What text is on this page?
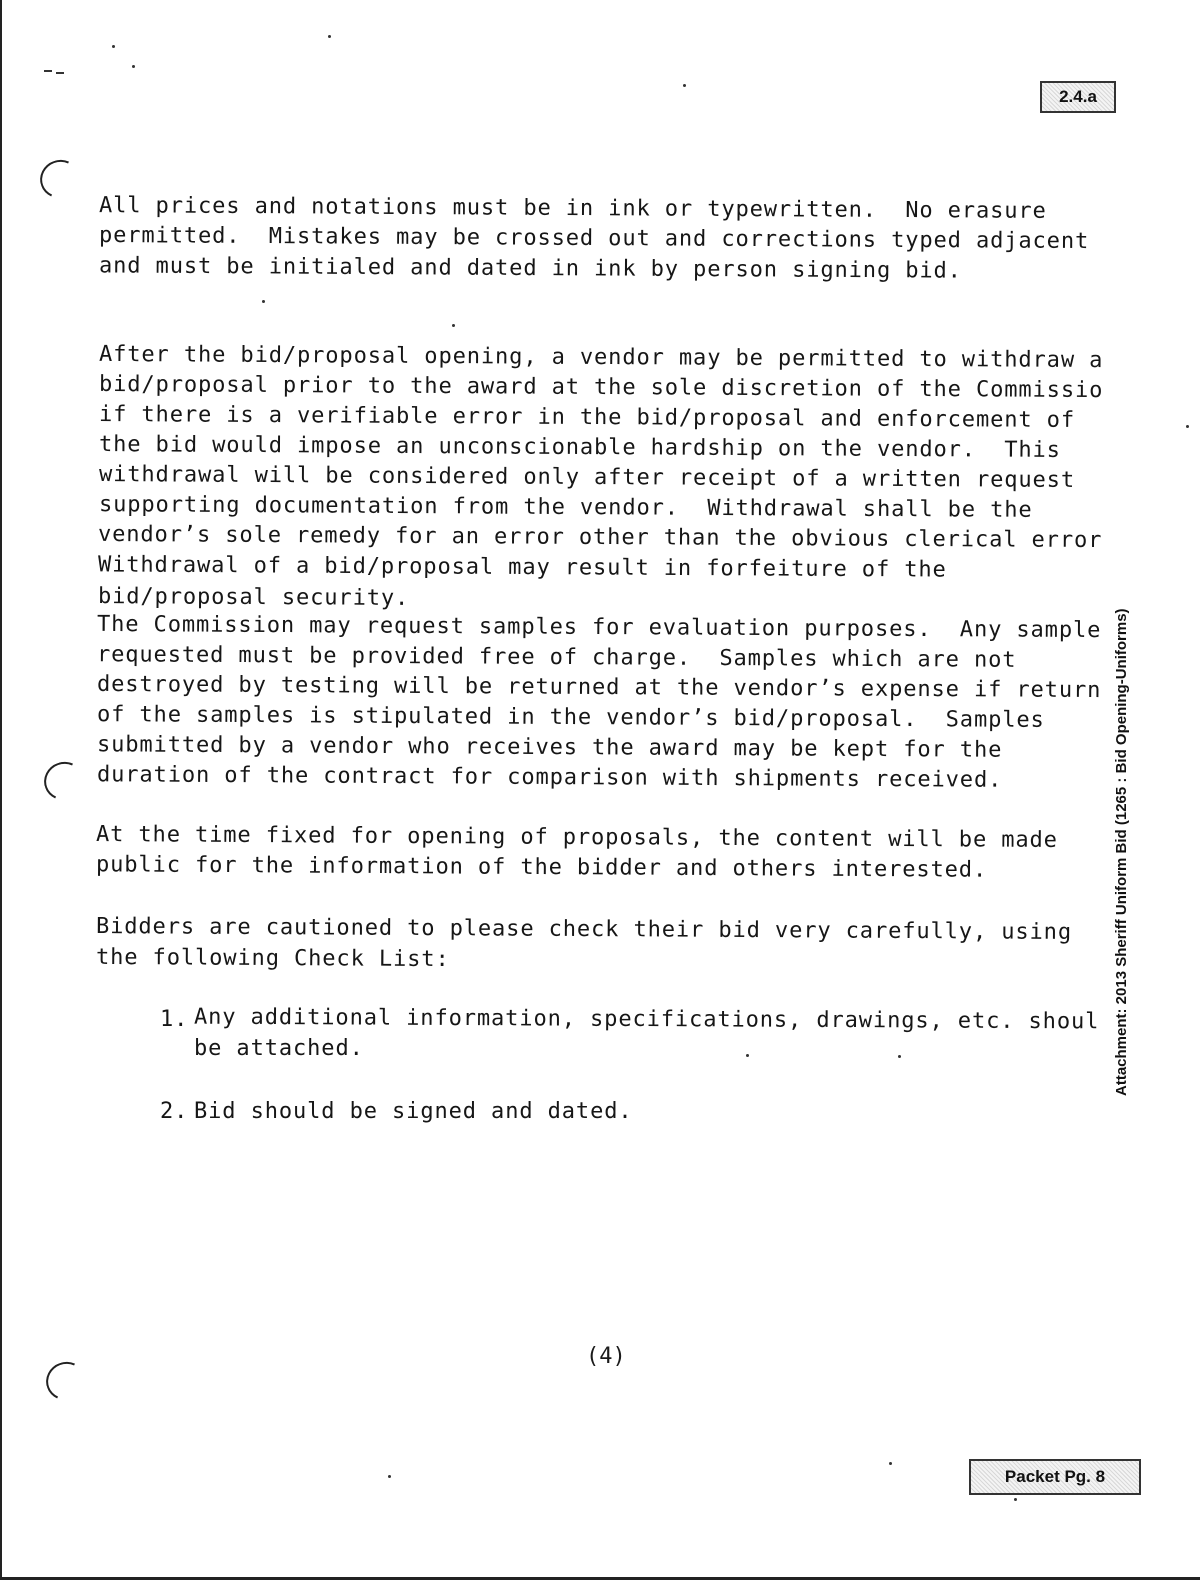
2.4.a
All prices and notations must be in ink or typewritten.  No erasure
permitted.  Mistakes may be crossed out and corrections typed adjacent
and must be initialed and dated in ink by person signing bid.
After the bid/proposal opening, a vendor may be permitted to withdraw a
bid/proposal prior to the award at the sole discretion of the Commissio
if there is a verifiable error in the bid/proposal and enforcement of
the bid would impose an unconscionable hardship on the vendor.  This
withdrawal will be considered only after receipt of a written request
supporting documentation from the vendor.  Withdrawal shall be the
vendor’s sole remedy for an error other than the obvious clerical error
Withdrawal of a bid/proposal may result in forfeiture of the
bid/proposal security.
The Commission may request samples for evaluation purposes.  Any sample
requested must be provided free of charge.  Samples which are not
destroyed by testing will be returned at the vendor’s expense if return
of the samples is stipulated in the vendor’s bid/proposal.  Samples
submitted by a vendor who receives the award may be kept for the
duration of the contract for comparison with shipments received.
At the time fixed for opening of proposals, the content will be made
public for the information of the bidder and others interested.
Bidders are cautioned to please check their bid very carefully, using
the following Check List:
1. Any additional information, specifications, drawings, etc. shoul
be attached.
2. Bid should be signed and dated.
(4)
Attachment: 2013 Sheriff Uniform Bid (1265 : Bid Opening-Uniforms)
Packet Pg. 8
